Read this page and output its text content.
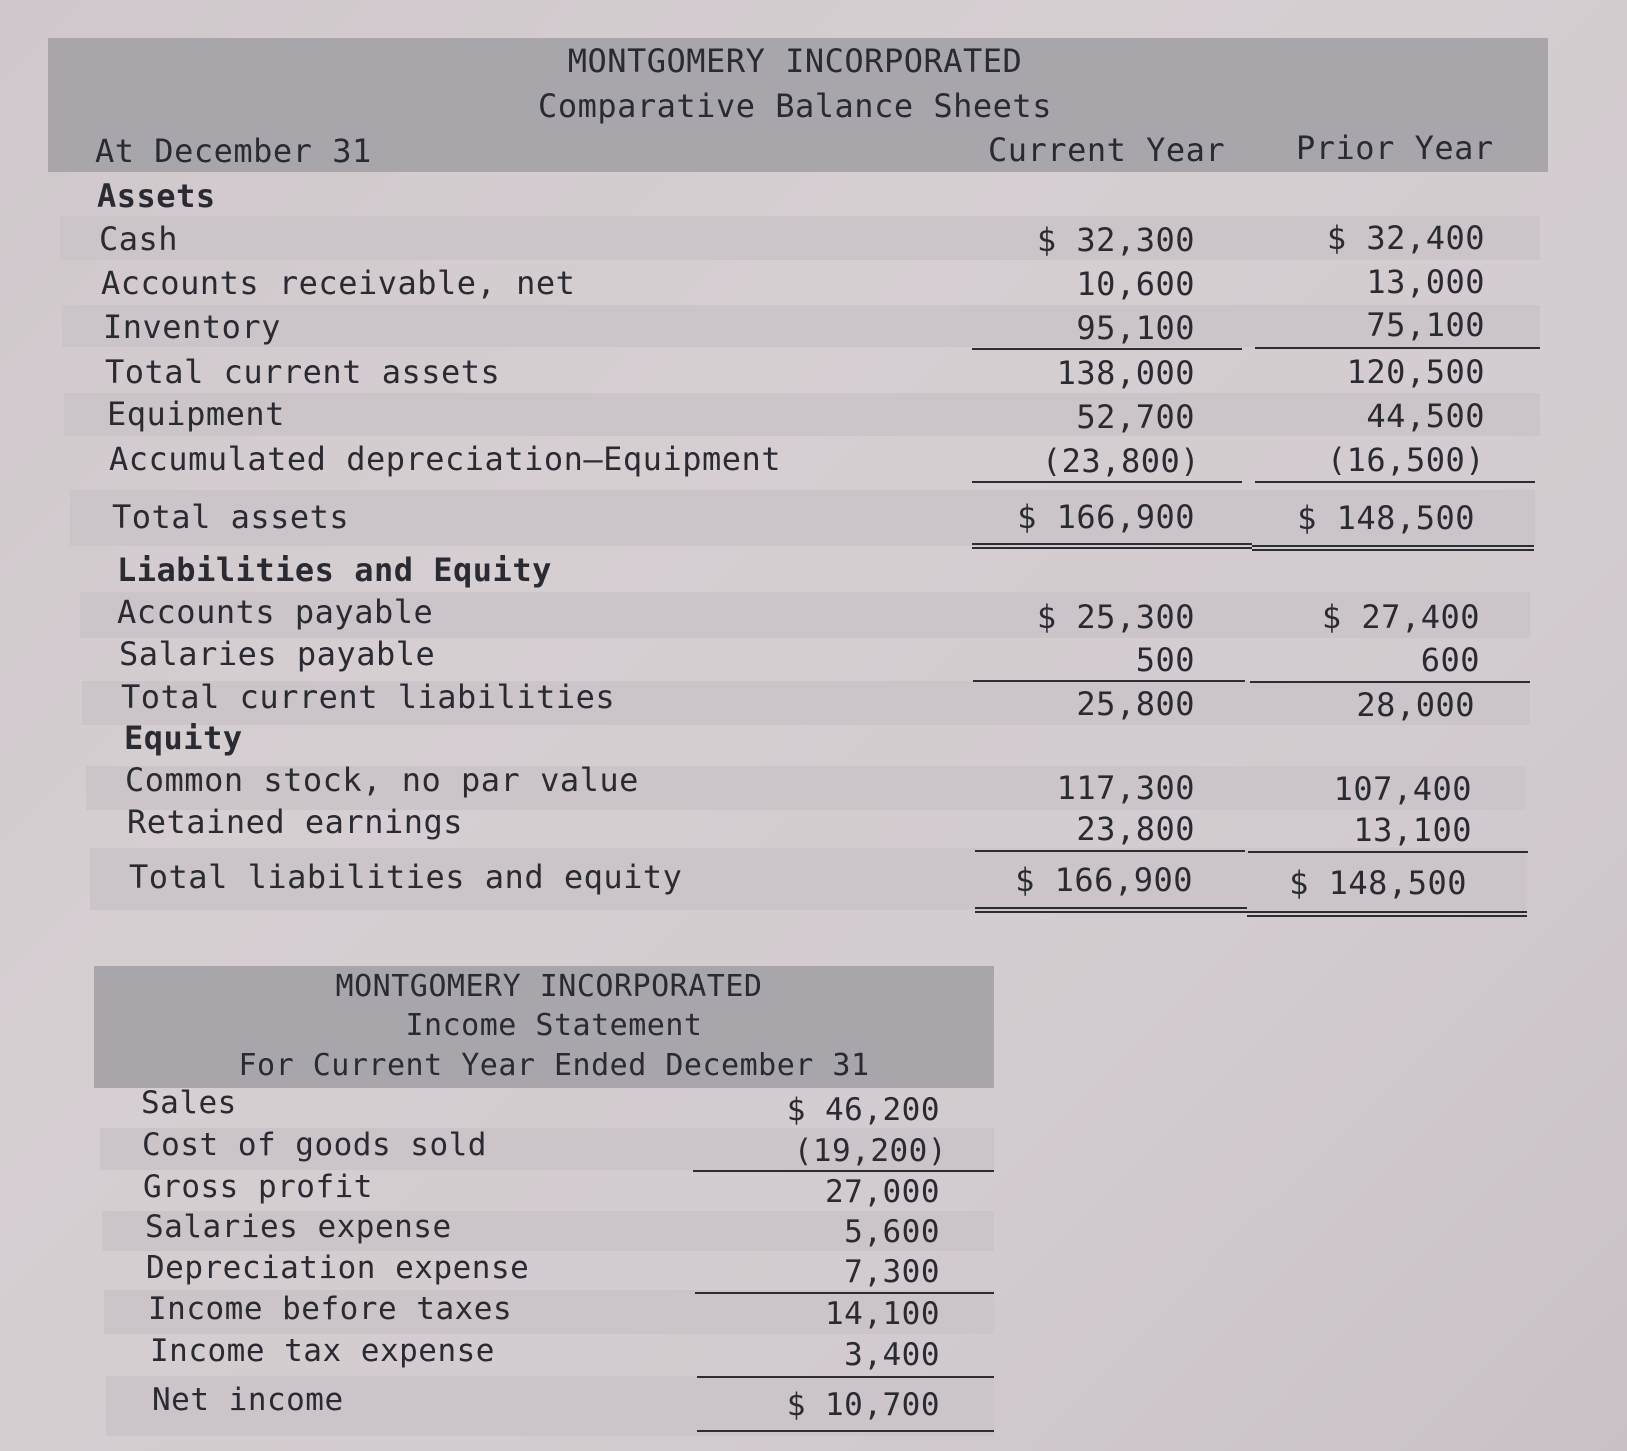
MONTGOMERY INCORPORATED
Comparative Balance Sheets
At December 31	Current Year Prior Year
Assets
Cash	$ 32,300	$ 32,400
Accounts receivable, net	10,600	13,000
Inventory	95,100	75,100
Total current assets	138,000	120,500
Equipment	52,700	44,500
Accumulated depreciation—Equipment	(23,800)	(16,500)
Total assets	$ 166,900	$ 148,500
Liabilities and Equity
Accounts payable	$ 25,300	$ 27,400
Salaries payable	500	600
Total current liabilities	25,800	28,000
Equity
Common stock, no par value	117,300	107,400
Retained earnings	23,800	13,100
Total liabilities and equity	$ 166,900	$ 148,500
MONTGOMERY INCORPORATED
Income Statement
For Current Year Ended December 31
Sales	$ 46,200
Cost of goods sold	(19,200)
Gross profit	27,000
Salaries expense	5,600
Depreciation expense	7,300
Income before taxes	14,100
Income tax expense	3,400
Net income	$ 10,700
